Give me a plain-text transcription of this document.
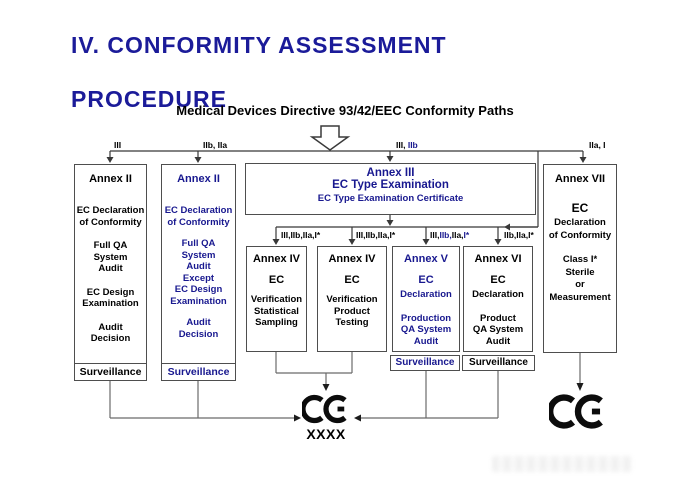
IV. CONFORMITY ASSESSMENT

PROCEDURE
Medical Devices Directive 93/42/EEC Conformity Paths
III	IIb, IIa	III, IIb	IIa, I
III,IIb,IIa,I*	III,IIb,IIa,I*	III,IIb,IIa,I*	IIb,IIa,I*
Annex II
EC Declaration
of Conformity
Full QA
System
Audit
EC Design
Examination
Audit
Decision
Surveillance
Annex II
EC Declaration
of Conformity
Full QA
System
Audit
Except
EC Design
Examination
Audit
Decision
Surveillance
Annex III
EC Type Examination
EC Type Examination Certificate
Annex IV
EC
Verification
Statistical
Sampling
Annex IV
EC
Verification
Product
Testing
Annex V
EC
Declaration
Production
QA System
Audit
Surveillance
Annex VI
EC
Declaration
Product
QA System
Audit
Surveillance
Annex VII
EC
Declaration
of Conformity
Class I*
Sterile
or
Measurement
XXXX
